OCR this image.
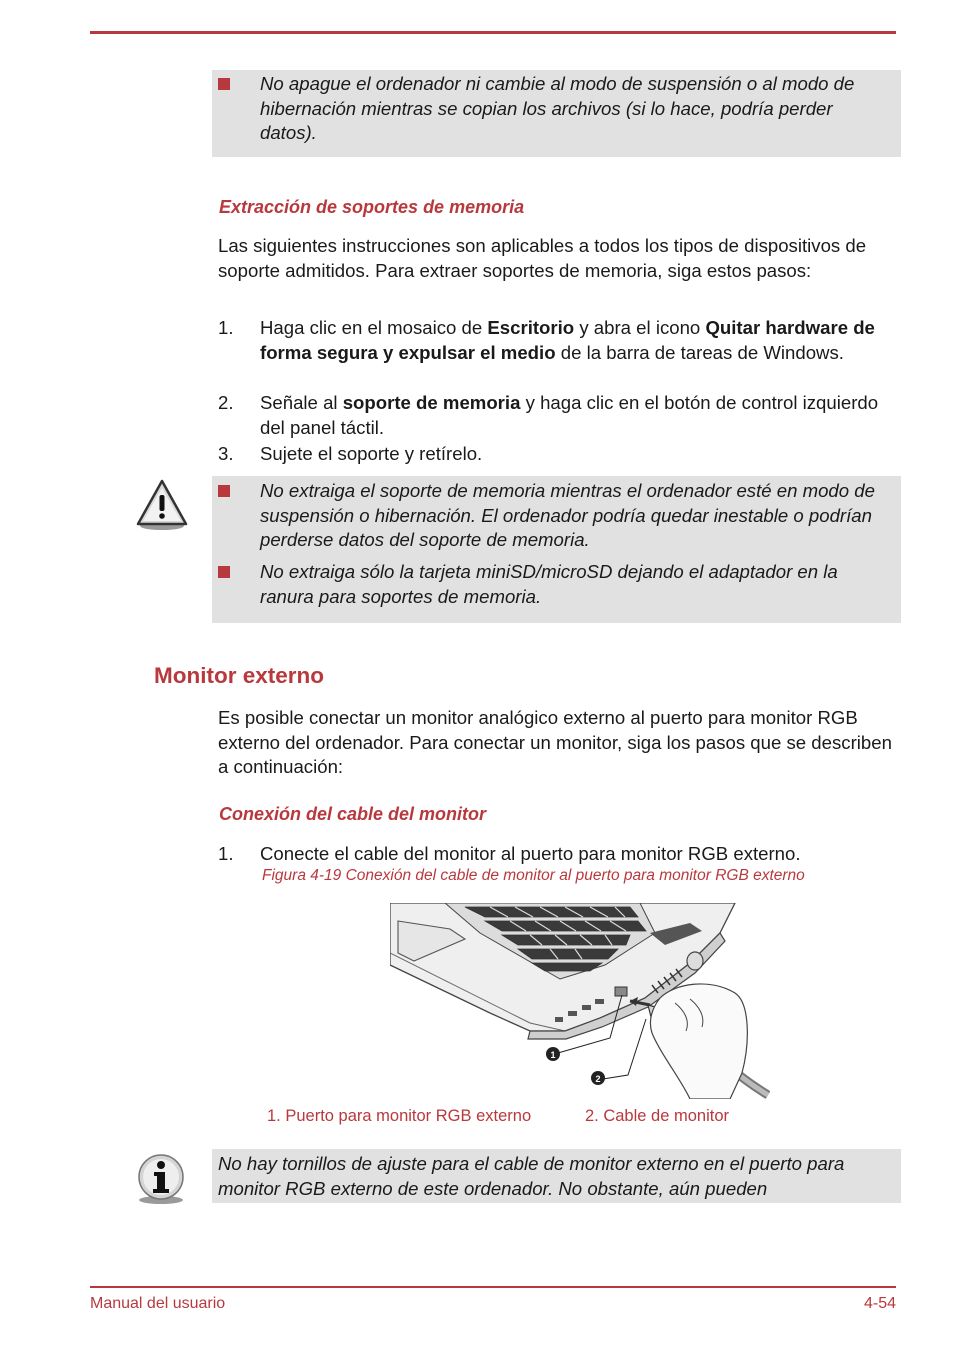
No apague el ordenador ni cambie al modo de suspensión o al modo de hibernación mientras se copian los archivos (si lo hace, podría perder datos).
Extracción de soportes de memoria
Las siguientes instrucciones son aplicables a todos los tipos de dispositivos de soporte admitidos. Para extraer soportes de memoria, siga estos pasos:
1. Haga clic en el mosaico de Escritorio y abra el icono Quitar hardware de forma segura y expulsar el medio de la barra de tareas de Windows.
2. Señale al soporte de memoria y haga clic en el botón de control izquierdo del panel táctil.
3. Sujete el soporte y retírelo.
No extraiga el soporte de memoria mientras el ordenador esté en modo de suspensión o hibernación. El ordenador podría quedar inestable o podrían perderse datos del soporte de memoria.
No extraiga sólo la tarjeta miniSD/microSD dejando el adaptador en la ranura para soportes de memoria.
Monitor externo
Es posible conectar un monitor analógico externo al puerto para monitor RGB externo del ordenador. Para conectar un monitor, siga los pasos que se describen a continuación:
Conexión del cable del monitor
1. Conecte el cable del monitor al puerto para monitor RGB externo.
Figura 4-19 Conexión del cable de monitor al puerto para monitor RGB externo
1
2
1. Puerto para monitor RGB externo	2. Cable de monitor
No hay tornillos de ajuste para el cable de monitor externo en el puerto para monitor RGB externo de este ordenador. No obstante, aún pueden
Manual del usuario	4-54
